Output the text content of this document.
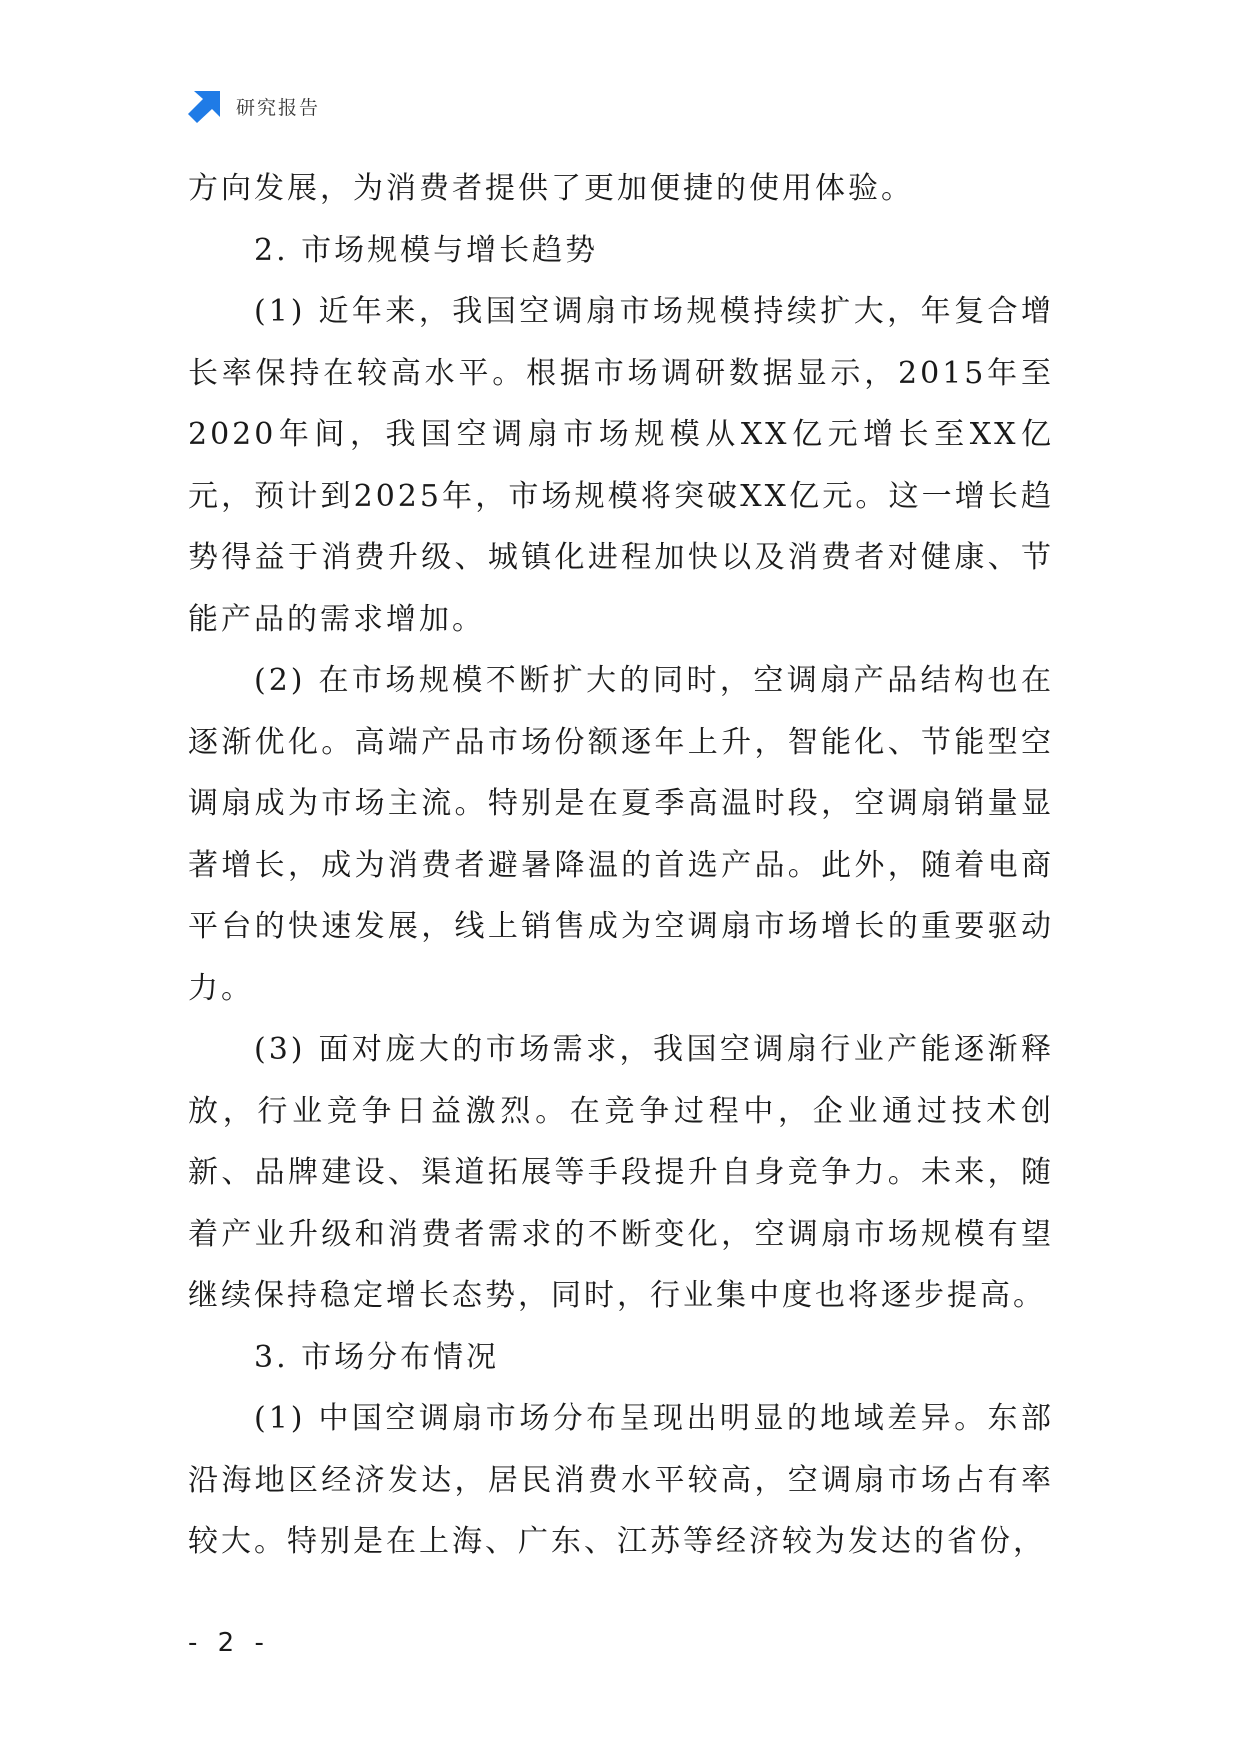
研究报告

方向发展，为消费者提供了更加便捷的使用体验。

2. 市场规模与增长趋势

(1) 近年来，我国空调扇市场规模持续扩大，年复合增长率保持在较高水平。根据市场调研数据显示，2015年至2020年间，我国空调扇市场规模从XX亿元增长至XX亿元，预计到2025年，市场规模将突破XX亿元。这一增长趋势得益于消费升级、城镇化进程加快以及消费者对健康、节能产品的需求增加。

(2) 在市场规模不断扩大的同时，空调扇产品结构也在逐渐优化。高端产品市场份额逐年上升，智能化、节能型空调扇成为市场主流。特别是在夏季高温时段，空调扇销量显著增长，成为消费者避暑降温的首选产品。此外，随着电商平台的快速发展，线上销售成为空调扇市场增长的重要驱动力。

(3) 面对庞大的市场需求，我国空调扇行业产能逐渐释放，行业竞争日益激烈。在竞争过程中，企业通过技术创新、品牌建设、渠道拓展等手段提升自身竞争力。未来，随着产业升级和消费者需求的不断变化，空调扇市场规模有望继续保持稳定增长态势，同时，行业集中度也将逐步提高。

3. 市场分布情况

(1) 中国空调扇市场分布呈现出明显的地域差异。东部沿海地区经济发达，居民消费水平较高，空调扇市场占有率较大。特别是在上海、广东、江苏等经济较为发达的省份，

- 2 -
